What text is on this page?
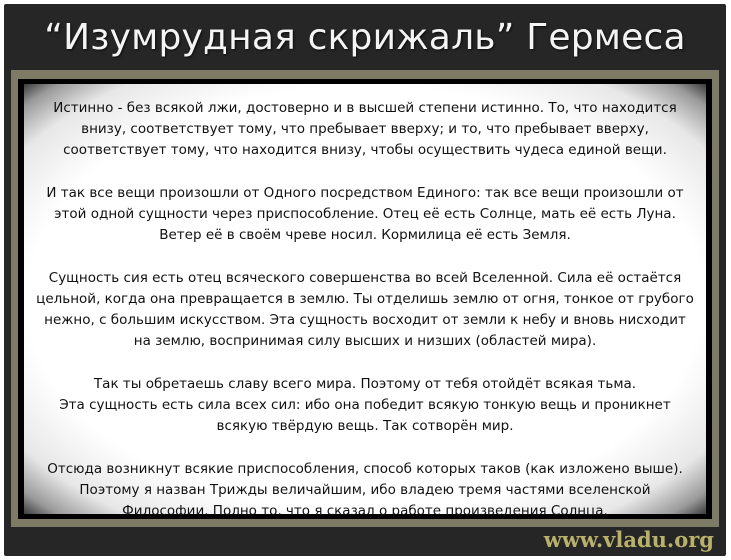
“Изумрудная скрижаль” Гермеса
Истинно - без всякой лжи, достоверно и в высшей степени истинно. То, что находится
внизу, соответствует тому, что пребывает вверху; и то, что пребывает вверху,
соответствует тому, что находится внизу, чтобы осуществить чудеса единой вещи.
И так все вещи произошли от Одного посредством Единого: так все вещи произошли от
этой одной сущности через приспособление. Отец её есть Солнце, мать её есть Луна.
Ветер её в своём чреве носил. Кормилица её есть Земля.
Сущность сия есть отец всяческого совершенства во всей Вселенной. Сила её остаётся
цельной, когда она превращается в землю. Ты отделишь землю от огня, тонкое от грубого
нежно, с большим искусством. Эта сущность восходит от земли к небу и вновь нисходит
на землю, воспринимая силу высших и низших (областей мира).
Так ты обретаешь славу всего мира. Поэтому от тебя отойдёт всякая тьма.
Эта сущность есть сила всех сил: ибо она победит всякую тонкую вещь и проникнет
всякую твёрдую вещь. Так сотворён мир.
Отсюда возникнут всякие приспособления, способ которых таков (как изложено выше).
Поэтому я назван Трижды величайшим, ибо владею тремя частями вселенской
Философии. Полно то, что я сказал о работе произведения Солнца.
www.vladu.org
